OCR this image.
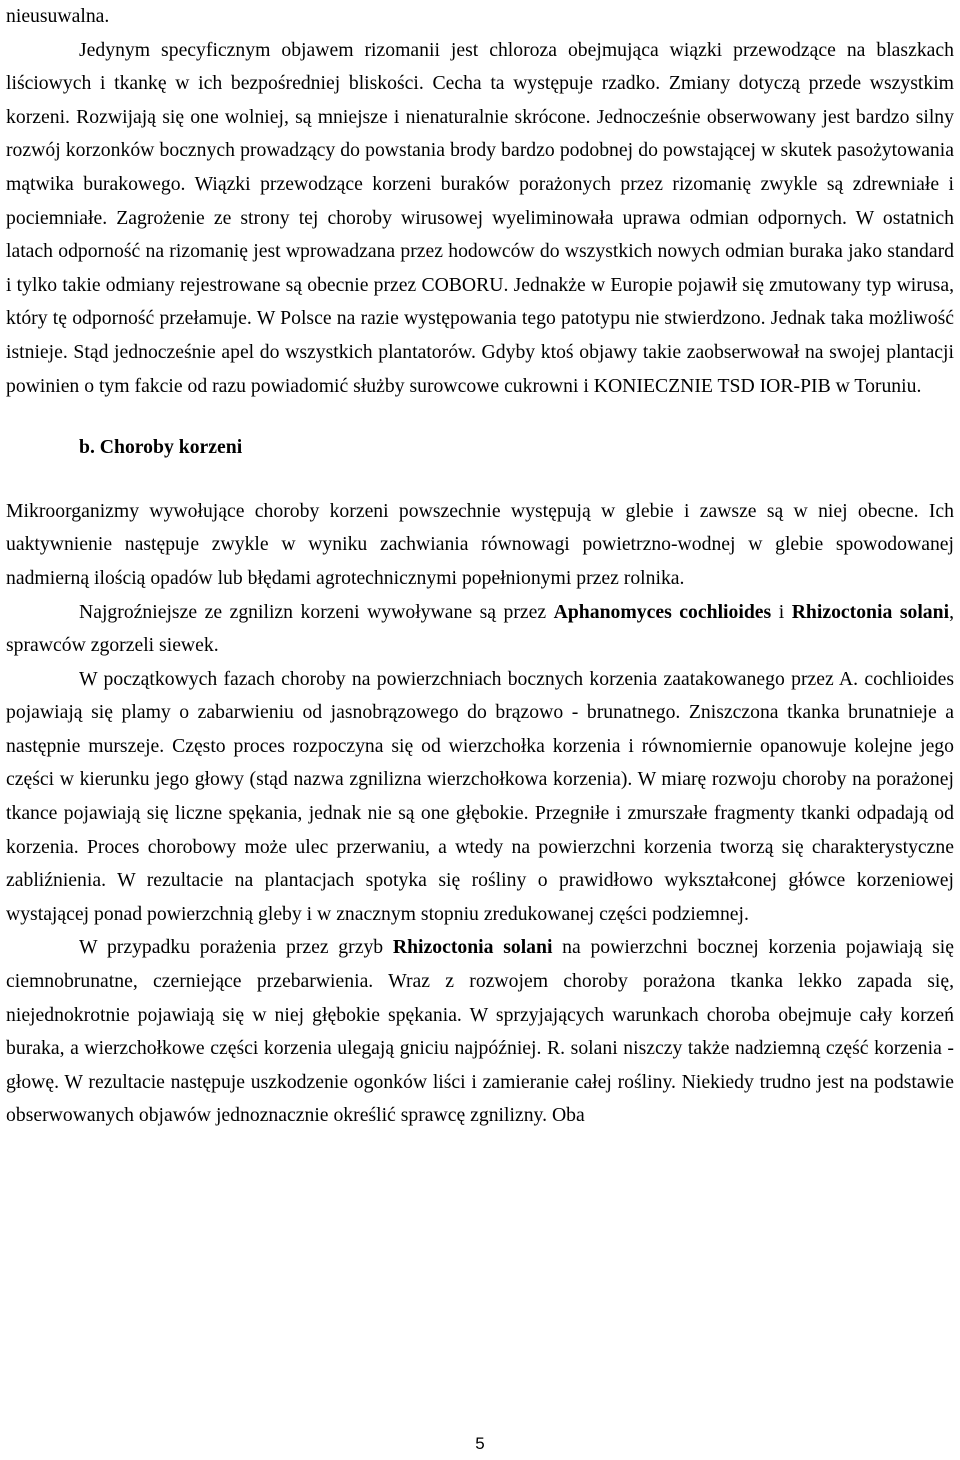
nieusuwalna.

Jedynym specyficznym objawem rizomanii jest chloroza obejmująca wiązki przewodzące na blaszkach liściowych i tkankę w ich bezpośredniej bliskości. Cecha ta występuje rzadko. Zmiany dotyczą przede wszystkim korzeni. Rozwijają się one wolniej, są mniejsze i nienaturalnie skrócone. Jednocześnie obserwowany jest bardzo silny rozwój korzonków bocznych prowadzący do powstania brody bardzo podobnej do powstającej w skutek pasożytowania mątwika burakowego. Wiązki przewodzące korzeni buraków porażonych przez rizomanię zwykle są zdrewniałe i pociemniałe. Zagrożenie ze strony tej choroby wirusowej wyeliminowała uprawa odmian odpornych. W ostatnich latach odporność na rizomanię jest wprowadzana przez hodowców do wszystkich nowych odmian buraka jako standard i tylko takie odmiany rejestrowane są obecnie przez COBORU. Jednakże w Europie pojawił się zmutowany typ wirusa, który tę odporność przełamuje. W Polsce na razie występowania tego patotypu nie stwierdzono. Jednak taka możliwość istnieje. Stąd jednocześnie apel do wszystkich plantatorów. Gdyby ktoś objawy takie zaobserwował na swojej plantacji powinien o tym fakcie od razu powiadomić służby surowcowe cukrowni i KONIECZNIE TSD IOR-PIB w Toruniu.

b. Choroby korzeni

Mikroorganizmy wywołujące choroby korzeni powszechnie występują w glebie i zawsze są w niej obecne. Ich uaktywnienie następuje zwykle w wyniku zachwiania równowagi powietrzno-wodnej w glebie spowodowanej nadmierną ilością opadów lub błędami agrotechnicznymi popełnionymi przez rolnika.

Najgroźniejsze ze zgnilizn korzeni wywoływane są przez Aphanomyces cochlioides i Rhizoctonia solani, sprawców zgorzeli siewek.

W początkowych fazach choroby na powierzchniach bocznych korzenia zaatakowanego przez A. cochlioides pojawiają się plamy o zabarwieniu od jasnobrązowego do brązowo - brunatnego. Zniszczona tkanka brunatnieje a następnie murszeje. Często proces rozpoczyna się od wierzchołka korzenia i równomiernie opanowuje kolejne jego części w kierunku jego głowy (stąd nazwa zgnilizna wierzchołkowa korzenia). W miarę rozwoju choroby na porażonej tkance pojawiają się liczne spękania, jednak nie są one głębokie. Przegniłe i zmurszałe fragmenty tkanki odpadają od korzenia. Proces chorobowy może ulec przerwaniu, a wtedy na powierzchni korzenia tworzą się charakterystyczne zabliźnienia. W rezultacie na plantacjach spotyka się rośliny o prawidłowo wykształconej główce korzeniowej wystającej ponad powierzchnią gleby i w znacznym stopniu zredukowanej części podziemnej.

W przypadku porażenia przez grzyb Rhizoctonia solani na powierzchni bocznej korzenia pojawiają się ciemnobrunatne, czerniejące przebarwienia. Wraz z rozwojem choroby porażona tkanka lekko zapada się, niejednokrotnie pojawiają się w niej głębokie spękania. W sprzyjających warunkach choroba obejmuje cały korzeń buraka, a wierzchołkowe części korzenia ulegają gniciu najpóźniej. R. solani niszczy także nadziemną część korzenia - głowę. W rezultacie następuje uszkodzenie ogonków liści i zamieranie całej rośliny. Niekiedy trudno jest na podstawie obserwowanych objawów jednoznacznie określić sprawcę zgnilizny. Oba

5
